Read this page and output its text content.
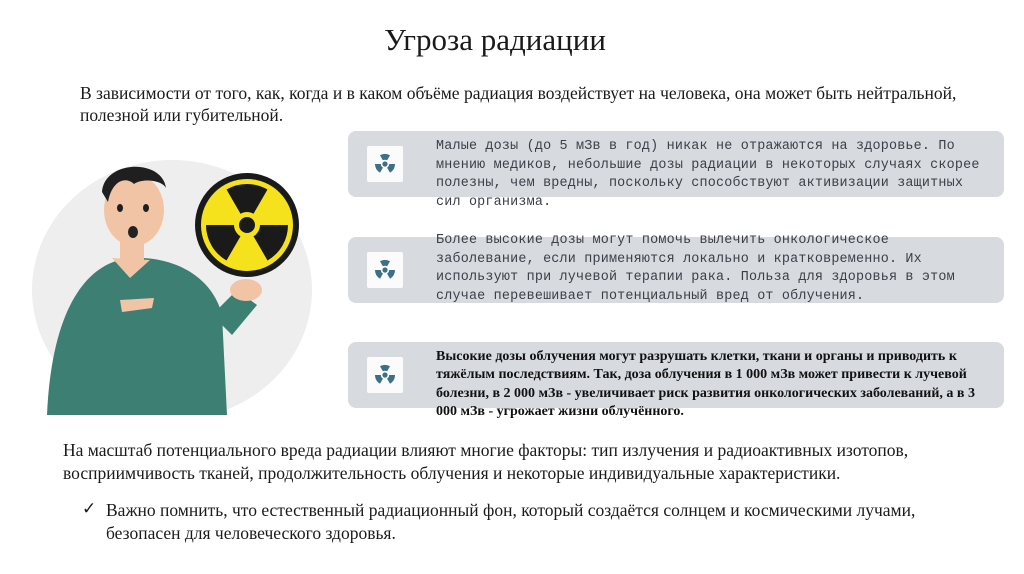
Угроза радиации
В зависимости от того, как, когда и в каком объёме радиация воздействует на человека, она может быть нейтральной, полезной или губительной.
Малые дозы (до 5 мЗв в год) никак не отражаются на здоровье. По мнению медиков, небольшие дозы радиации в некоторых случаях скорее полезны, чем вредны, поскольку способствуют активизации защитных сил организма.
Более высокие дозы могут помочь вылечить онкологическое заболевание, если применяются локально и кратковременно. Их используют при лучевой терапии рака. Польза для здоровья в этом случае перевешивает потенциальный вред от облучения.
Высокие дозы облучения могут разрушать клетки, ткани и органы и приводить к тяжёлым последствиям. Так, доза облучения в 1 000 мЗв может привести к лучевой болезни, в 2 000 мЗв - увеличивает риск развития онкологических заболеваний, а в 3 000 мЗв - угрожает жизни облучённого.
На масштаб потенциального вреда радиации влияют многие факторы: тип излучения и радиоактивных изотопов, восприимчивость тканей, продолжительность облучения и некоторые индивидуальные характеристики.
✓ Важно помнить, что естественный радиационный фон, который создаётся солнцем и космическими лучами, безопасен для человеческого здоровья.
